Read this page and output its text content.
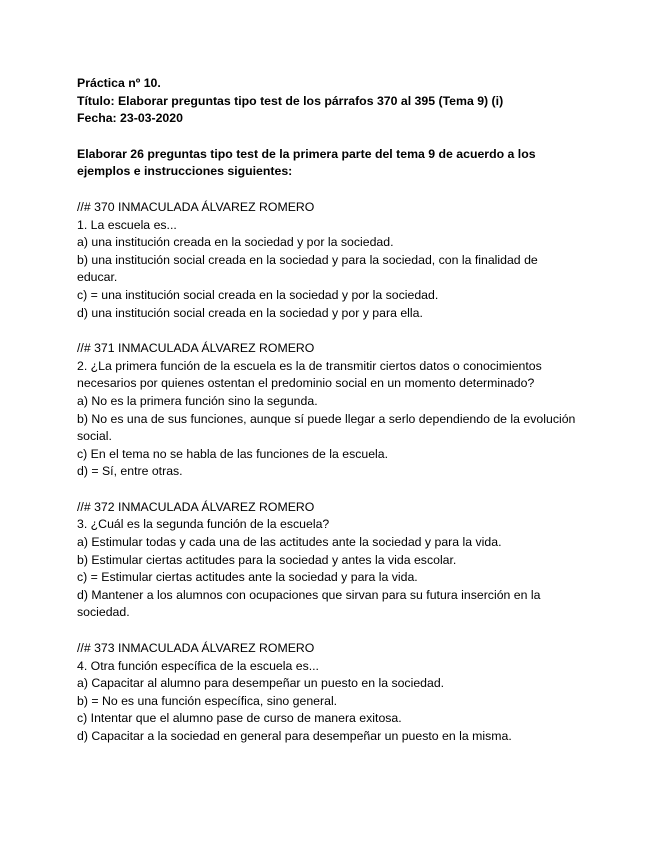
Práctica nº 10.
Título: Elaborar preguntas tipo test de los párrafos 370 al 395 (Tema 9) (i)
Fecha: 23-03-2020
Elaborar 26 preguntas tipo test de la primera parte del tema 9 de acuerdo a los ejemplos e instrucciones siguientes:
//# 370 INMACULADA ÁLVAREZ ROMERO
1. La escuela es...
a) una institución creada en la sociedad y por la sociedad.
b) una institución social creada en la sociedad y para la sociedad, con la finalidad de educar.
c) = una institución social creada en la sociedad y por la sociedad.
d) una institución social creada en la sociedad y por y para ella.
//# 371 INMACULADA ÁLVAREZ ROMERO
2. ¿La primera función de la escuela es la de transmitir ciertos datos o conocimientos necesarios por quienes ostentan el predominio social en un momento determinado?
a) No es la primera función sino la segunda.
b) No es una de sus funciones, aunque sí puede llegar a serlo dependiendo de la evolución social.
c) En el tema no se habla de las funciones de la escuela.
d) = Sí, entre otras.
//# 372 INMACULADA ÁLVAREZ ROMERO
3. ¿Cuál es la segunda función de la escuela?
a) Estimular todas y cada una de las actitudes ante la sociedad y para la vida.
b) Estimular ciertas actitudes para la sociedad y antes la vida escolar.
c) = Estimular ciertas actitudes ante la sociedad y para la vida.
d) Mantener a los alumnos con ocupaciones que sirvan para su futura inserción en la sociedad.
//# 373 INMACULADA ÁLVAREZ ROMERO
4. Otra función específica de la escuela es...
a) Capacitar al alumno para desempeñar un puesto en la sociedad.
b) = No es una función específica, sino general.
c) Intentar que el alumno pase de curso de manera exitosa.
d) Capacitar a la sociedad en general para desempeñar un puesto en la misma.
